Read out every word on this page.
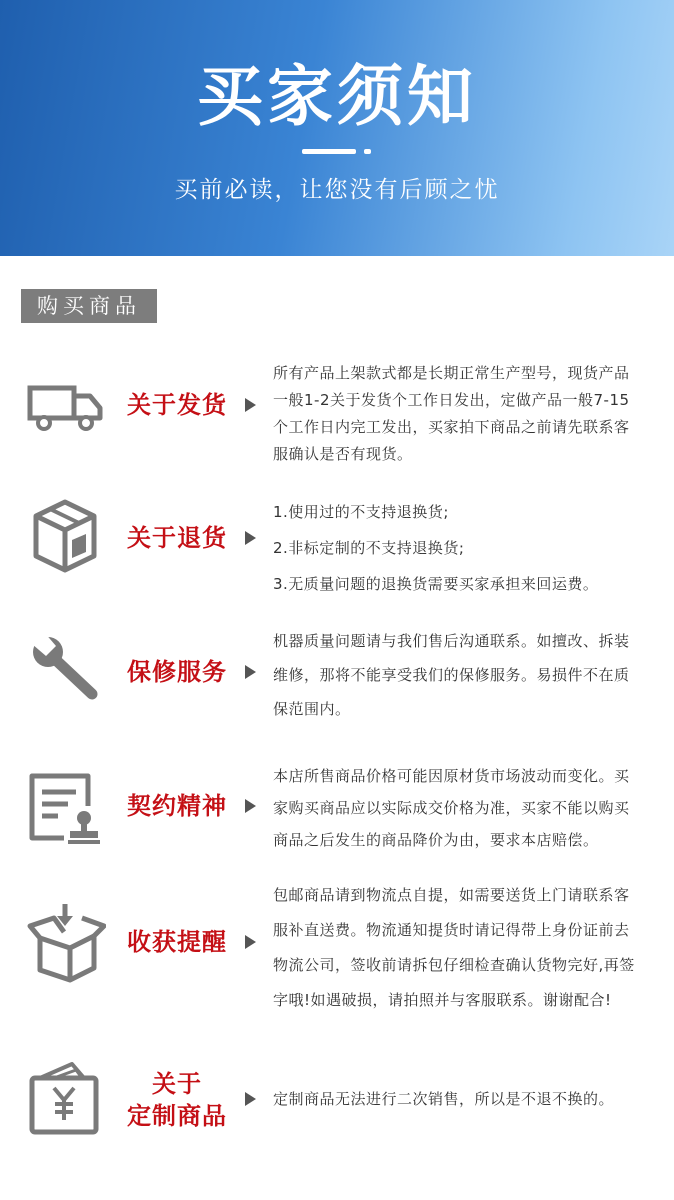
买家须知
买前必读，让您没有后顾之忧
购买商品
关于发货
所有产品上架款式都是长期正常生产型号，现货产品
一般1-2关于发货个工作日发出，定做产品一般7-15
个工作日内完工发出，买家拍下商品之前请先联系客
服确认是否有现货。
关于退货
1.使用过的不支持退换货;
2.非标定制的不支持退换货;
3.无质量问题的退换货需要买家承担来回运费。
保修服务
机器质量问题请与我们售后沟通联系。如擅改、拆装
维修，那将不能享受我们的保修服务。易损件不在质
保范围内。
契约精神
本店所售商品价格可能因原材货市场波动而变化。买
家购买商品应以实际成交价格为准，买家不能以购买
商品之后发生的商品降价为由，要求本店赔偿。
收获提醒
包邮商品请到物流点自提，如需要送货上门请联系客
服补直送费。物流通知提货时请记得带上身份证前去
物流公司，签收前请拆包仔细检查确认货物完好,再签
字哦!如遇破损，请拍照并与客服联系。谢谢配合!
关于
定制商品
定制商品无法进行二次销售，所以是不退不换的。
